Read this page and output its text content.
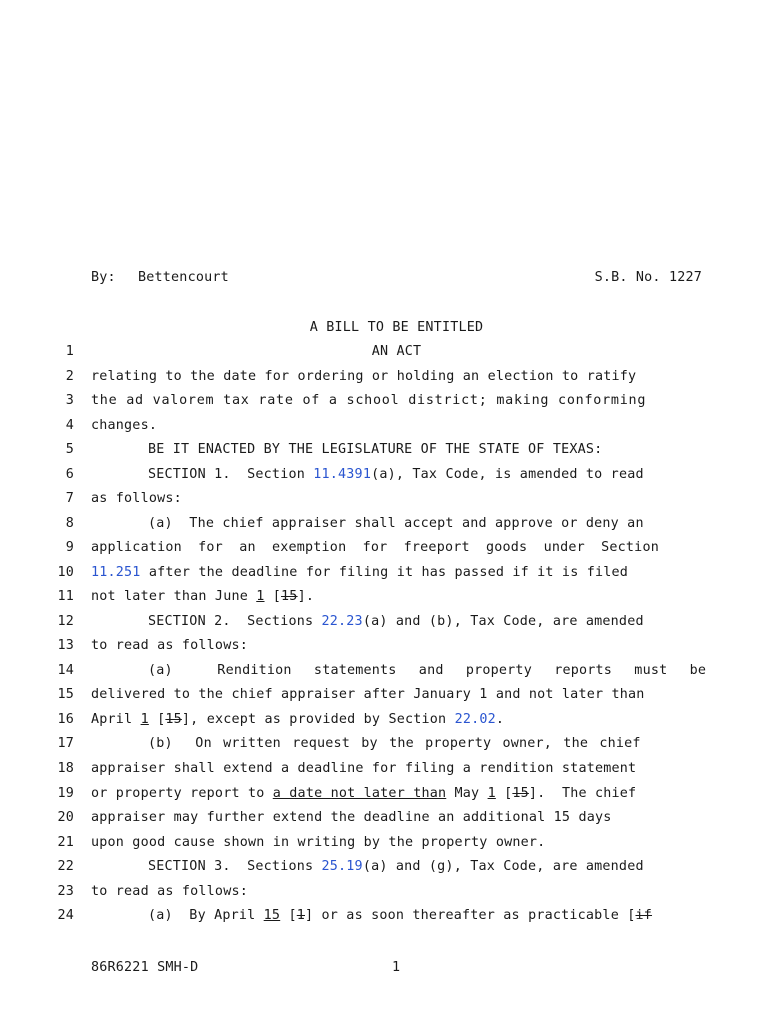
By: Bettencourt	S.B. No. 1227
A BILL TO BE ENTITLED
1
2
3
4
5
6
7
8
9
10
11
12
13
14
15
16
17
18
19
20
21
22
23
24
AN ACT
relating to the date for ordering or holding an election to ratify
the ad valorem tax rate of a school district; making conforming
changes.
BE IT ENACTED BY THE LEGISLATURE OF THE STATE OF TEXAS:
SECTION 1.  Section 11.4391(a), Tax Code, is amended to read
as follows:
(a)  The chief appraiser shall accept and approve or deny an
application for an exemption for freeport goods under Section
11.251 after the deadline for filing it has passed if it is filed
not later than June 1 [15].
SECTION 2.  Sections 22.23(a) and (b), Tax Code, are amended
to read as follows:
(a)  Rendition statements and property reports must be
delivered to the chief appraiser after January 1 and not later than
April 1 [15], except as provided by Section 22.02.
(b)  On written request by the property owner, the chief
appraiser shall extend a deadline for filing a rendition statement
or property report to a date not later than May 1 [15].  The chief
appraiser may further extend the deadline an additional 15 days
upon good cause shown in writing by the property owner.
SECTION 3.  Sections 25.19(a) and (g), Tax Code, are amended
to read as follows:
(a)  By April 15 [1] or as soon thereafter as practicable [if
86R6221 SMH-D	1
